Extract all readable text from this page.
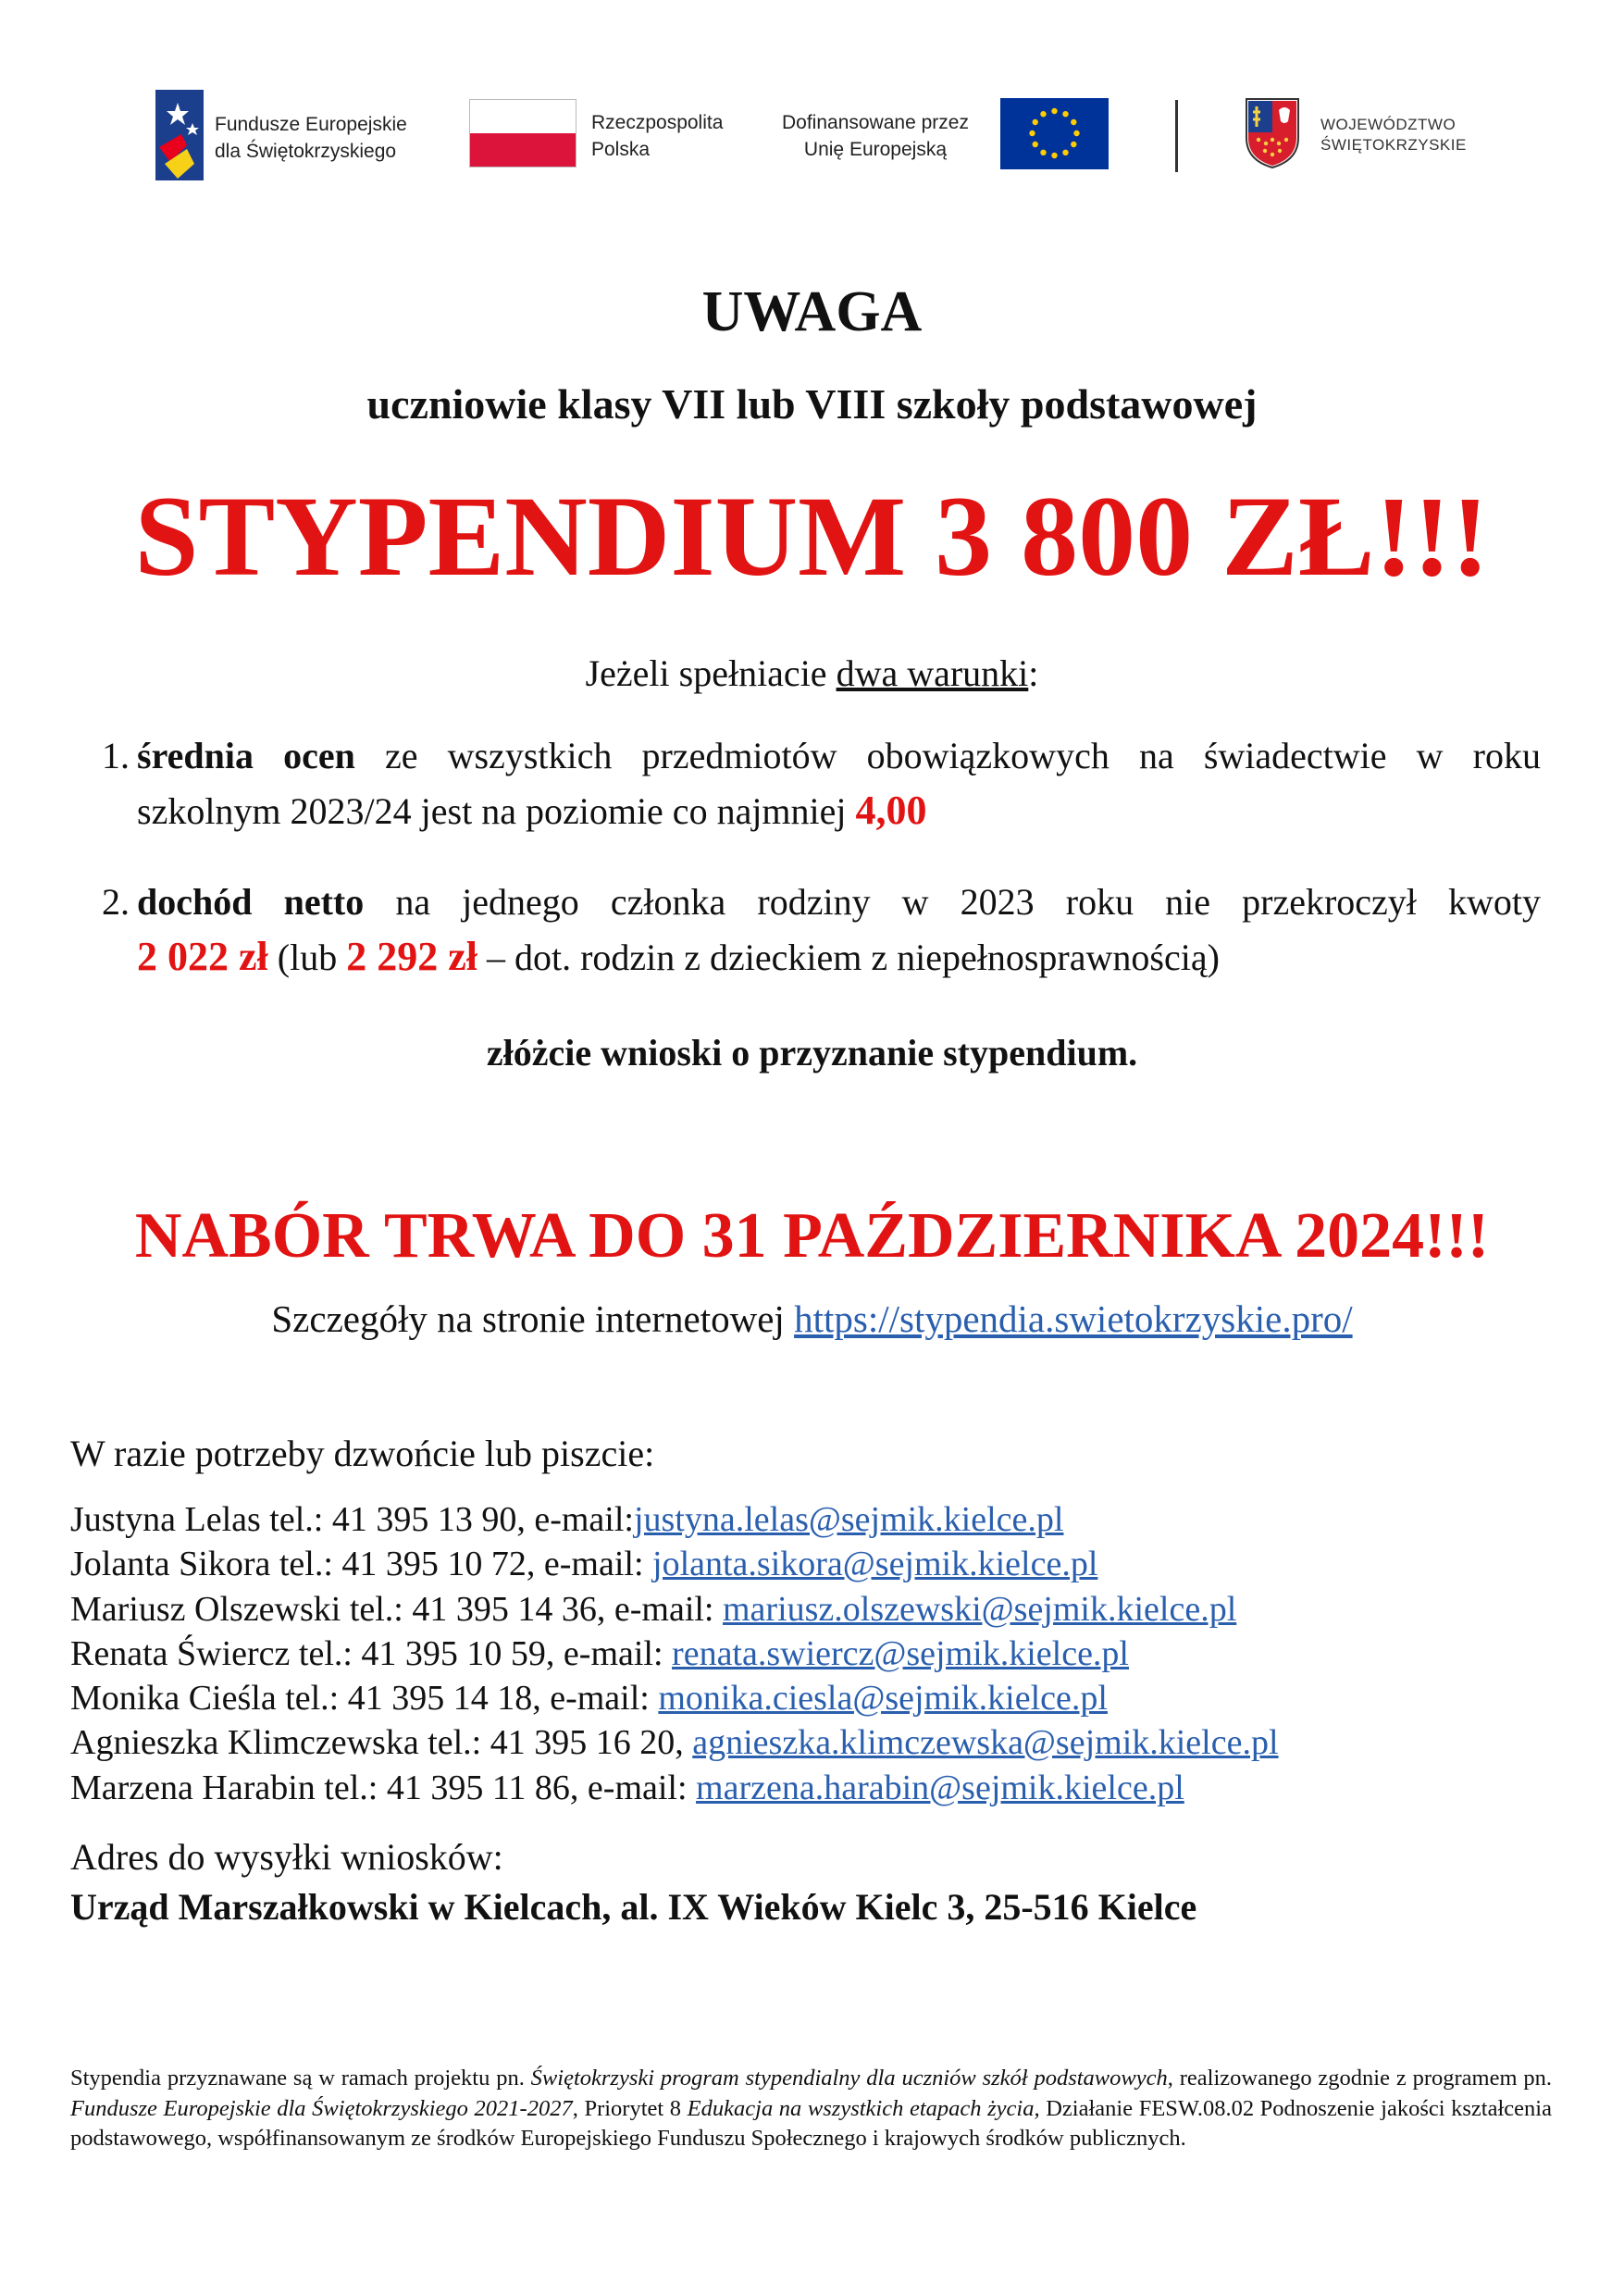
Fundusze Europejskie
dla Świętokrzyskiego
Rzeczpospolita
Polska
Dofinansowane przez
Unię Europejską
WOJEWÓDZTWO
ŚWIĘTOKRZYSKIE
UWAGA
uczniowie klasy VII lub VIII szkoły podstawowej
STYPENDIUM 3 800 ZŁ!!!
Jeżeli spełniacie dwa warunki:
1. średnia ocen ze wszystkich przedmiotów obowiązkowych na świadectwie w roku
szkolnym 2023/24 jest na poziomie co najmniej 4,00
2. dochód netto na jednego członka rodziny w 2023 roku nie przekroczył kwoty
2 022 zł (lub 2 292 zł – dot. rodzin z dzieckiem z niepełnosprawnością)
złóżcie wnioski o przyznanie stypendium.
NABÓR TRWA DO 31 PAŹDZIERNIKA 2024!!!
Szczegóły na stronie internetowej https://stypendia.swietokrzyskie.pro/
W razie potrzeby dzwońcie lub piszcie:
Justyna Lelas tel.: 41 395 13 90, e-mail:justyna.lelas@sejmik.kielce.pl
Jolanta Sikora tel.: 41 395 10 72, e-mail: jolanta.sikora@sejmik.kielce.pl
Mariusz Olszewski tel.: 41 395 14 36, e-mail: mariusz.olszewski@sejmik.kielce.pl
Renata Świercz tel.: 41 395 10 59, e-mail: renata.swiercz@sejmik.kielce.pl
Monika Cieśla tel.: 41 395 14 18, e-mail: monika.ciesla@sejmik.kielce.pl
Agnieszka Klimczewska tel.: 41 395 16 20, agnieszka.klimczewska@sejmik.kielce.pl
Marzena Harabin tel.: 41 395 11 86, e-mail: marzena.harabin@sejmik.kielce.pl
Adres do wysyłki wniosków:
Urząd Marszałkowski w Kielcach, al. IX Wieków Kielc 3, 25-516 Kielce
Stypendia przyznawane są w ramach projektu pn. Świętokrzyski program stypendialny dla uczniów szkół podstawowych, realizowanego zgodnie z programem pn. Fundusze Europejskie dla Świętokrzyskiego 2021-2027, Priorytet 8 Edukacja na wszystkich etapach życia, Działanie FESW.08.02 Podnoszenie jakości kształcenia podstawowego, współfinansowanym ze środków Europejskiego Funduszu Społecznego i krajowych środków publicznych.
